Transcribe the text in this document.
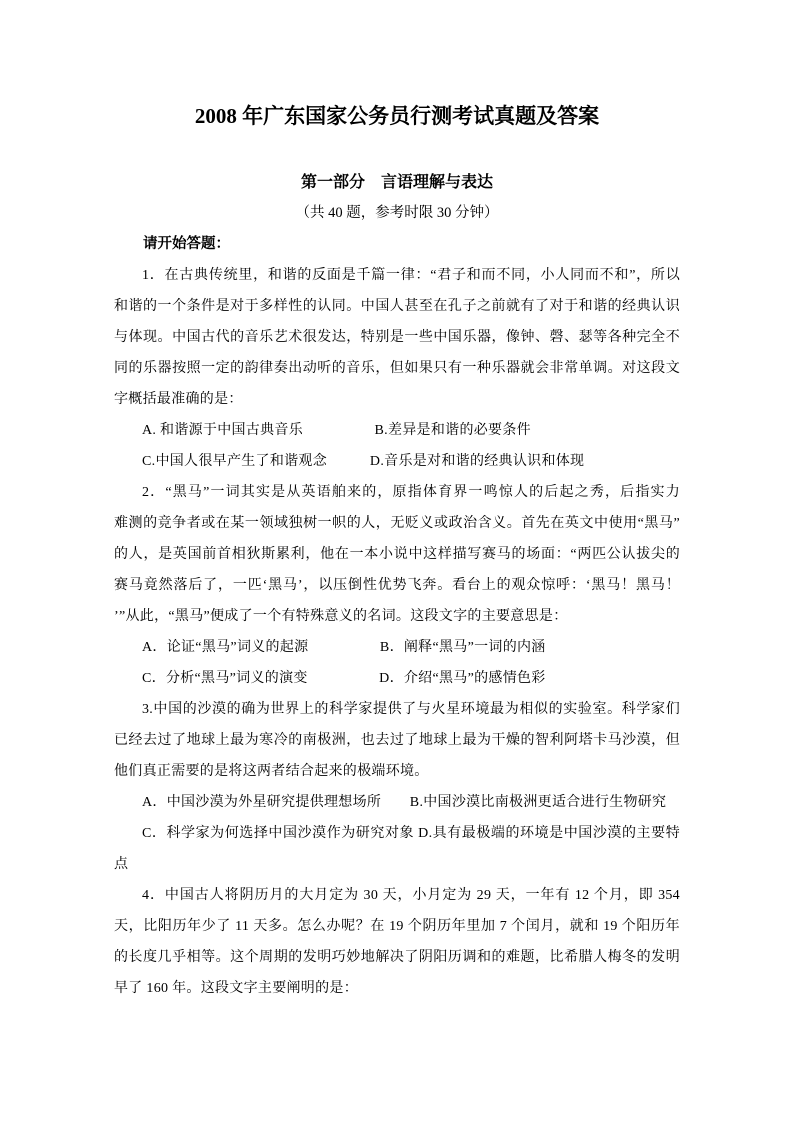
2008 年广东国家公务员行测考试真题及答案
第一部分　言语理解与表达
（共 40 题，参考时限 30 分钟）
请开始答题：
1．在古典传统里，和谐的反面是千篇一律：“君子和而不同，小人同而不和”，所以
和谐的一个条件是对于多样性的认同。中国人甚至在孔子之前就有了对于和谐的经典认识
与体现。中国古代的音乐艺术很发达，特别是一些中国乐器，像钟、磬、瑟等各种完全不
同的乐器按照一定的韵律奏出动听的音乐，但如果只有一种乐器就会非常单调。对这段文
字概括最准确的是：
A. 和谐源于中国古典音乐　　　　　B.差异是和谐的必要条件
C.中国人很早产生了和谐观念　　　D.音乐是对和谐的经典认识和体现
2．“黑马”一词其实是从英语舶来的，原指体育界一鸣惊人的后起之秀，后指实力
难测的竞争者或在某一领域独树一帜的人，无贬义或政治含义。首先在英文中使用“黑马”
的人，是英国前首相狄斯累利，他在一本小说中这样描写赛马的场面：“两匹公认拔尖的
赛马竟然落后了，一匹‘黑马’，以压倒性优势飞奔。看台上的观众惊呼：‘黑马！黑马！
’”从此，“黑马”便成了一个有特殊意义的名词。这段文字的主要意思是：
A．论证“黑马”词义的起源　　　　　B．阐释“黑马”一词的内涵
C．分析“黑马”词义的演变　　　　　D．介绍“黑马”的感情色彩
3.中国的沙漠的确为世界上的科学家提供了与火星环境最为相似的实验室。科学家们
已经去过了地球上最为寒冷的南极洲，也去过了地球上最为干燥的智利阿塔卡马沙漠，但
他们真正需要的是将这两者结合起来的极端环境。
A．中国沙漠为外星研究提供理想场所　　B.中国沙漠比南极洲更适合进行生物研究
C．科学家为何选择中国沙漠作为研究对象 D.具有最极端的环境是中国沙漠的主要特
点
4．中国古人将阴历月的大月定为 30 天，小月定为 29 天，一年有 12 个月，即 354
天，比阳历年少了 11 天多。怎么办呢？在 19 个阴历年里加 7 个闰月，就和 19 个阳历年
的长度几乎相等。这个周期的发明巧妙地解决了阴阳历调和的难题，比希腊人梅冬的发明
早了 160 年。这段文字主要阐明的是：
